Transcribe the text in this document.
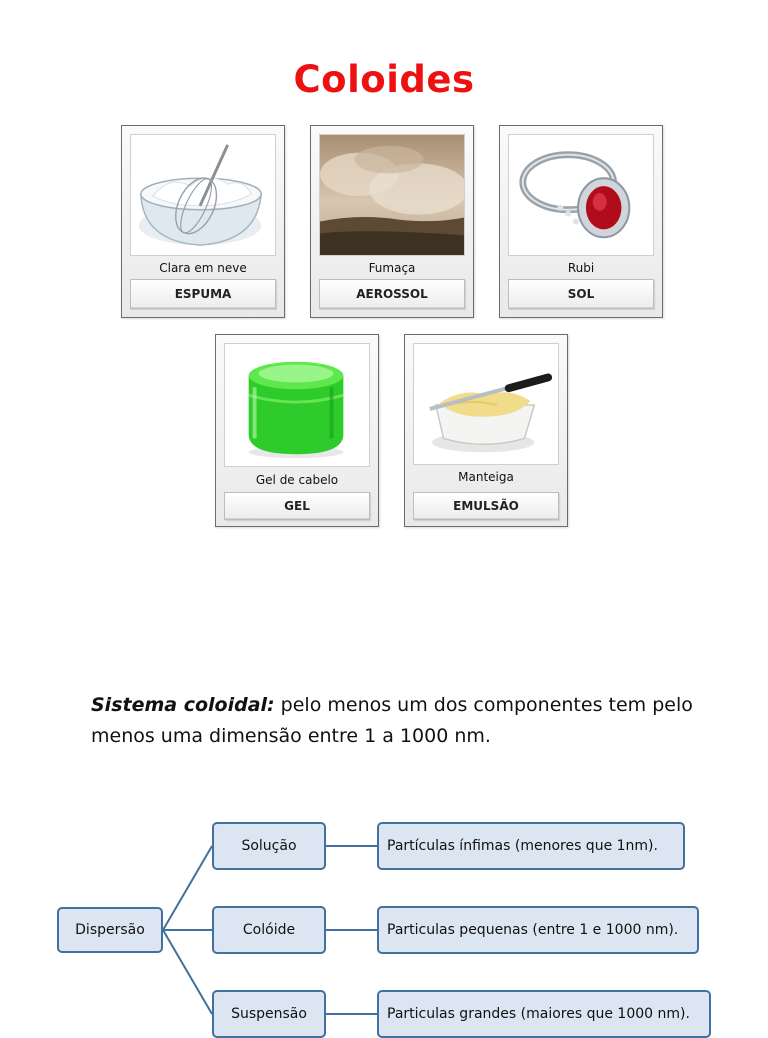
Coloides
Clara em neve
ESPUMA
Fumaça
AEROSSOL
Rubi
SOL
Gel de cabelo
GEL
Manteiga
EMULSÃO
Sistema coloidal: pelo menos um dos componentes tem pelo menos uma dimensão entre 1 a 1000 nm.
Dispersão
Solução
Colóide
Suspensão
Partículas ínfimas (menores que 1nm).
Particulas pequenas (entre 1 e 1000 nm).
Particulas grandes (maiores que 1000 nm).
